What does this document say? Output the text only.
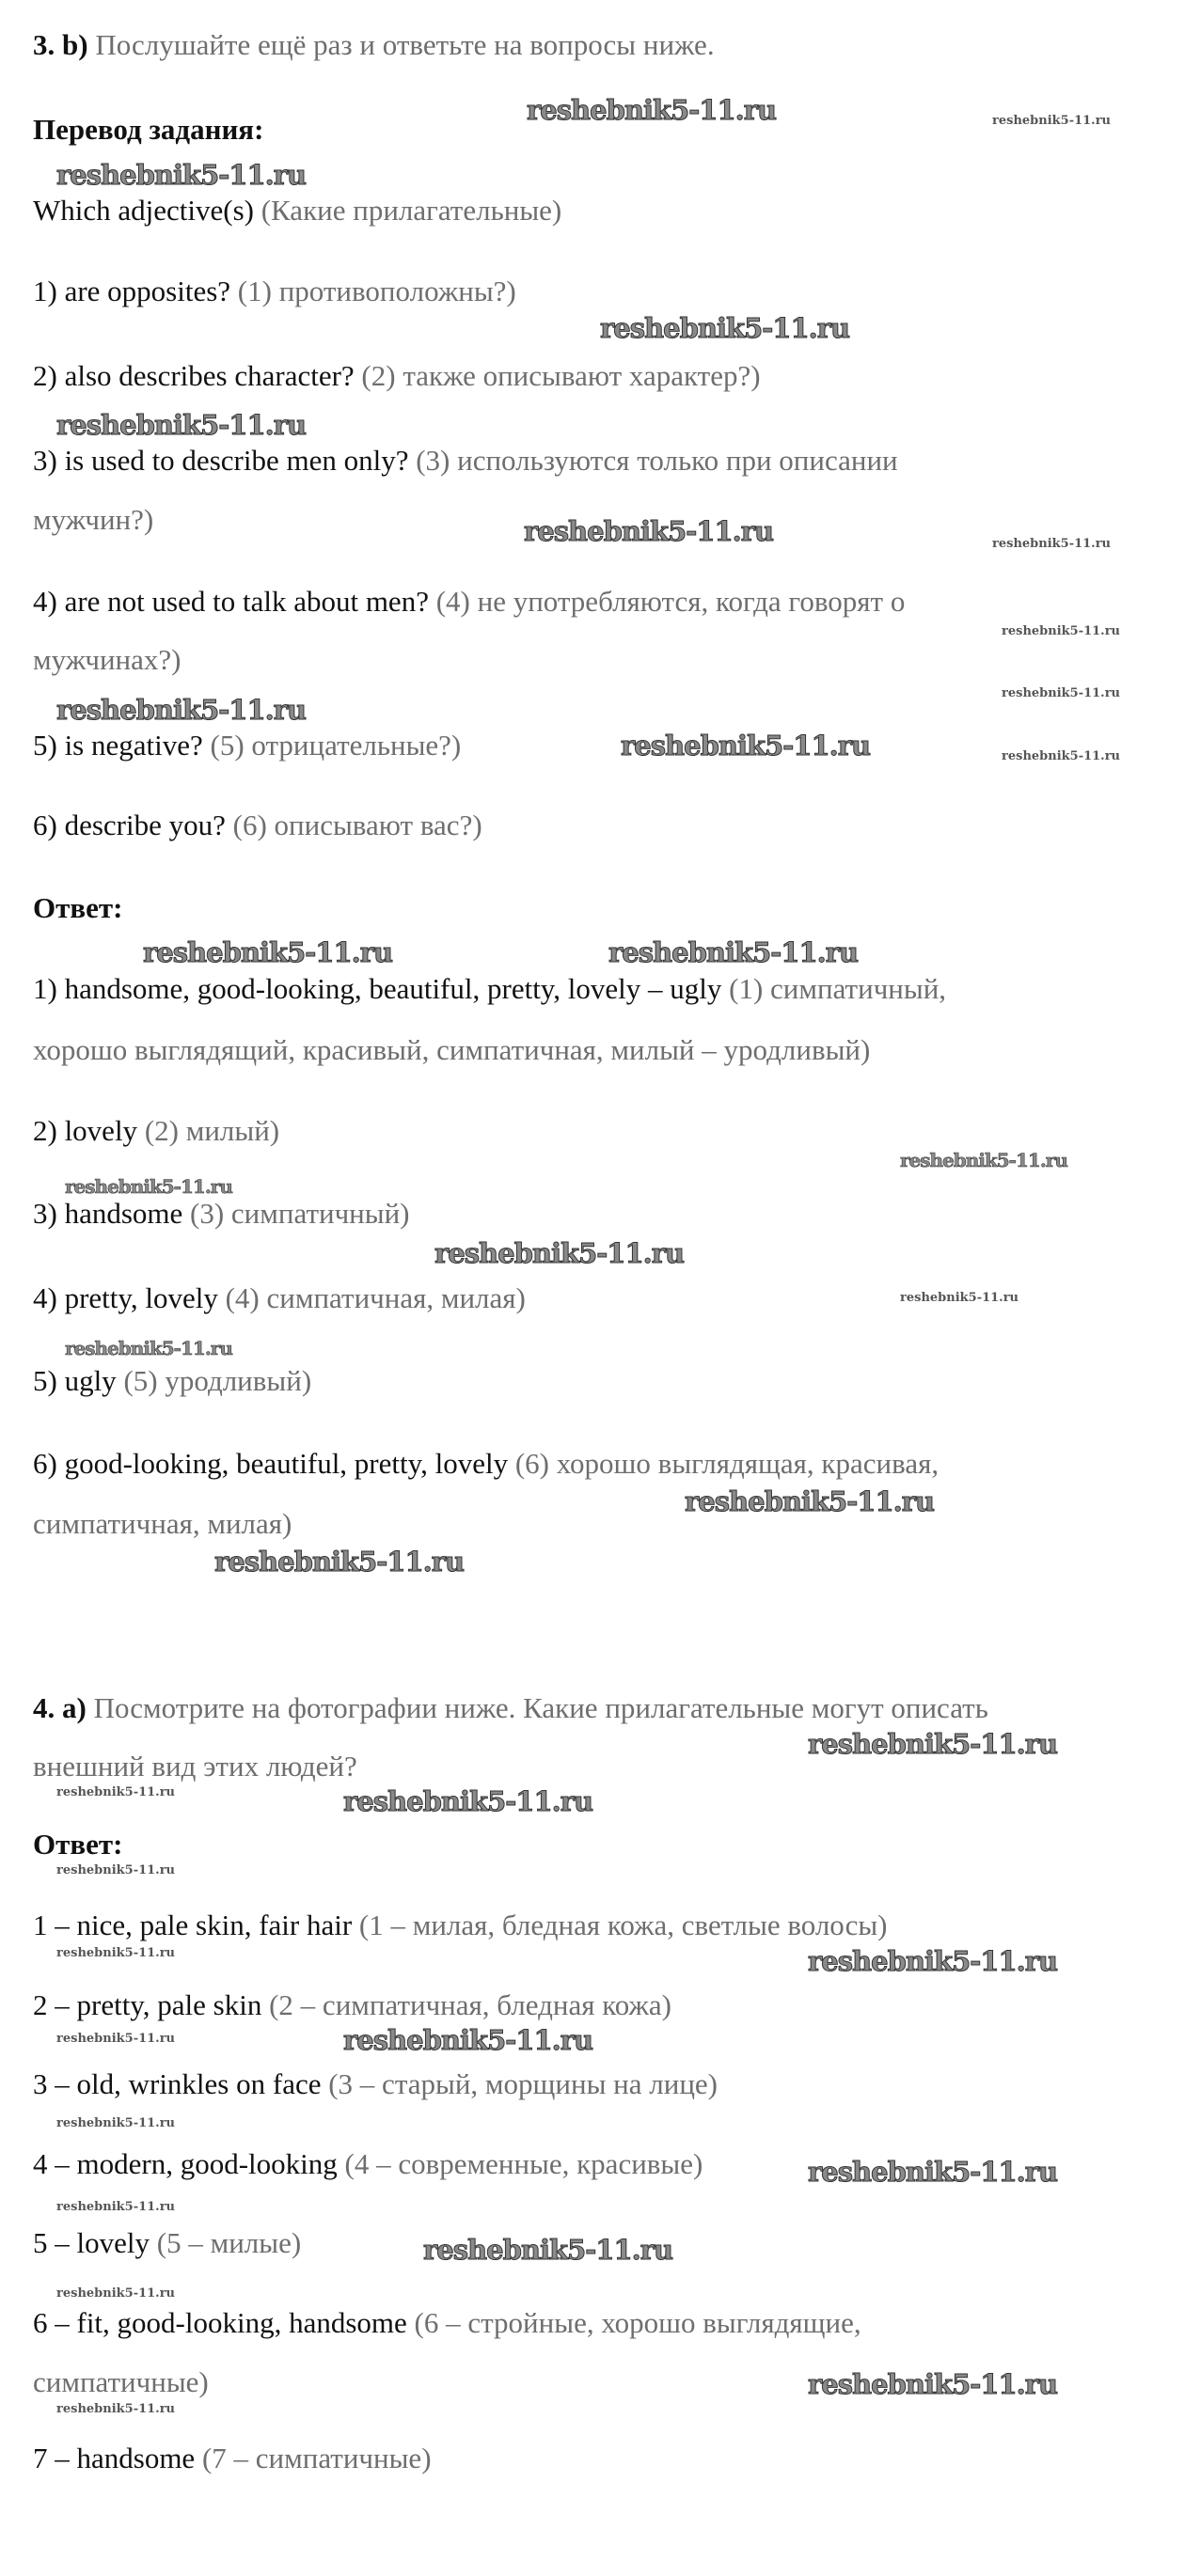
3. b) Послушайте ещё раз и ответьте на вопросы ниже.
Перевод задания:
Which adjective(s) (Какие прилагательные)
1) are opposites? (1) противоположны?)
2) also describes character? (2) также описывают характер?)
3) is used to describe men only? (3) используются только при описании
мужчин?)
4) are not used to talk about men? (4) не употребляются, когда говорят о
мужчинах?)
5) is negative? (5) отрицательные?)
6) describe you? (6) описывают вас?)
Ответ:
1) handsome, good-looking, beautiful, pretty, lovely – ugly (1) симпатичный,
хорошо выглядящий, красивый, симпатичная, милый – уродливый)
2) lovely (2) милый)
3) handsome (3) симпатичный)
4) pretty, lovely (4) симпатичная, милая)
5) ugly (5) уродливый)
6) good-looking, beautiful, pretty, lovely (6) хорошо выглядящая, красивая,
симпатичная, милая)
4. a) Посмотрите на фотографии ниже. Какие прилагательные могут описать
внешний вид этих людей?
Ответ:
1 – nice, pale skin, fair hair (1 – милая, бледная кожа, светлые волосы)
2 – pretty, pale skin (2 – симпатичная, бледная кожа)
3 – old, wrinkles on face (3 – старый, морщины на лице)
4 – modern, good-looking (4 – современные, красивые)
5 – lovely (5 – милые)
6 – fit, good-looking, handsome (6 – стройные, хорошо выглядящие,
симпатичные)
7 – handsome (7 – симпатичные)
reshebnik5-11.ru	reshebnik5-11.ru
reshebnik5-11.ru
reshebnik5-11.ru
reshebnik5-11.ru
reshebnik5-11.ru	reshebnik5-11.ru
reshebnik5-11.ru
reshebnik5-11.ru
reshebnik5-11.ru
reshebnik5-11.ru	reshebnik5-11.ru
reshebnik5-11.ru	reshebnik5-11.ru
reshebnik5-11.ru
reshebnik5-11.ru
reshebnik5-11.ru
reshebnik5-11.ru
reshebnik5-11.ru
reshebnik5-11.ru
reshebnik5-11.ru
reshebnik5-11.ru
reshebnik5-11.ru	reshebnik5-11.ru
reshebnik5-11.ru
reshebnik5-11.ru	reshebnik5-11.ru
reshebnik5-11.ru	reshebnik5-11.ru
reshebnik5-11.ru
reshebnik5-11.ru
reshebnik5-11.ru
reshebnik5-11.ru
reshebnik5-11.ru
reshebnik5-11.ru
reshebnik5-11.ru
